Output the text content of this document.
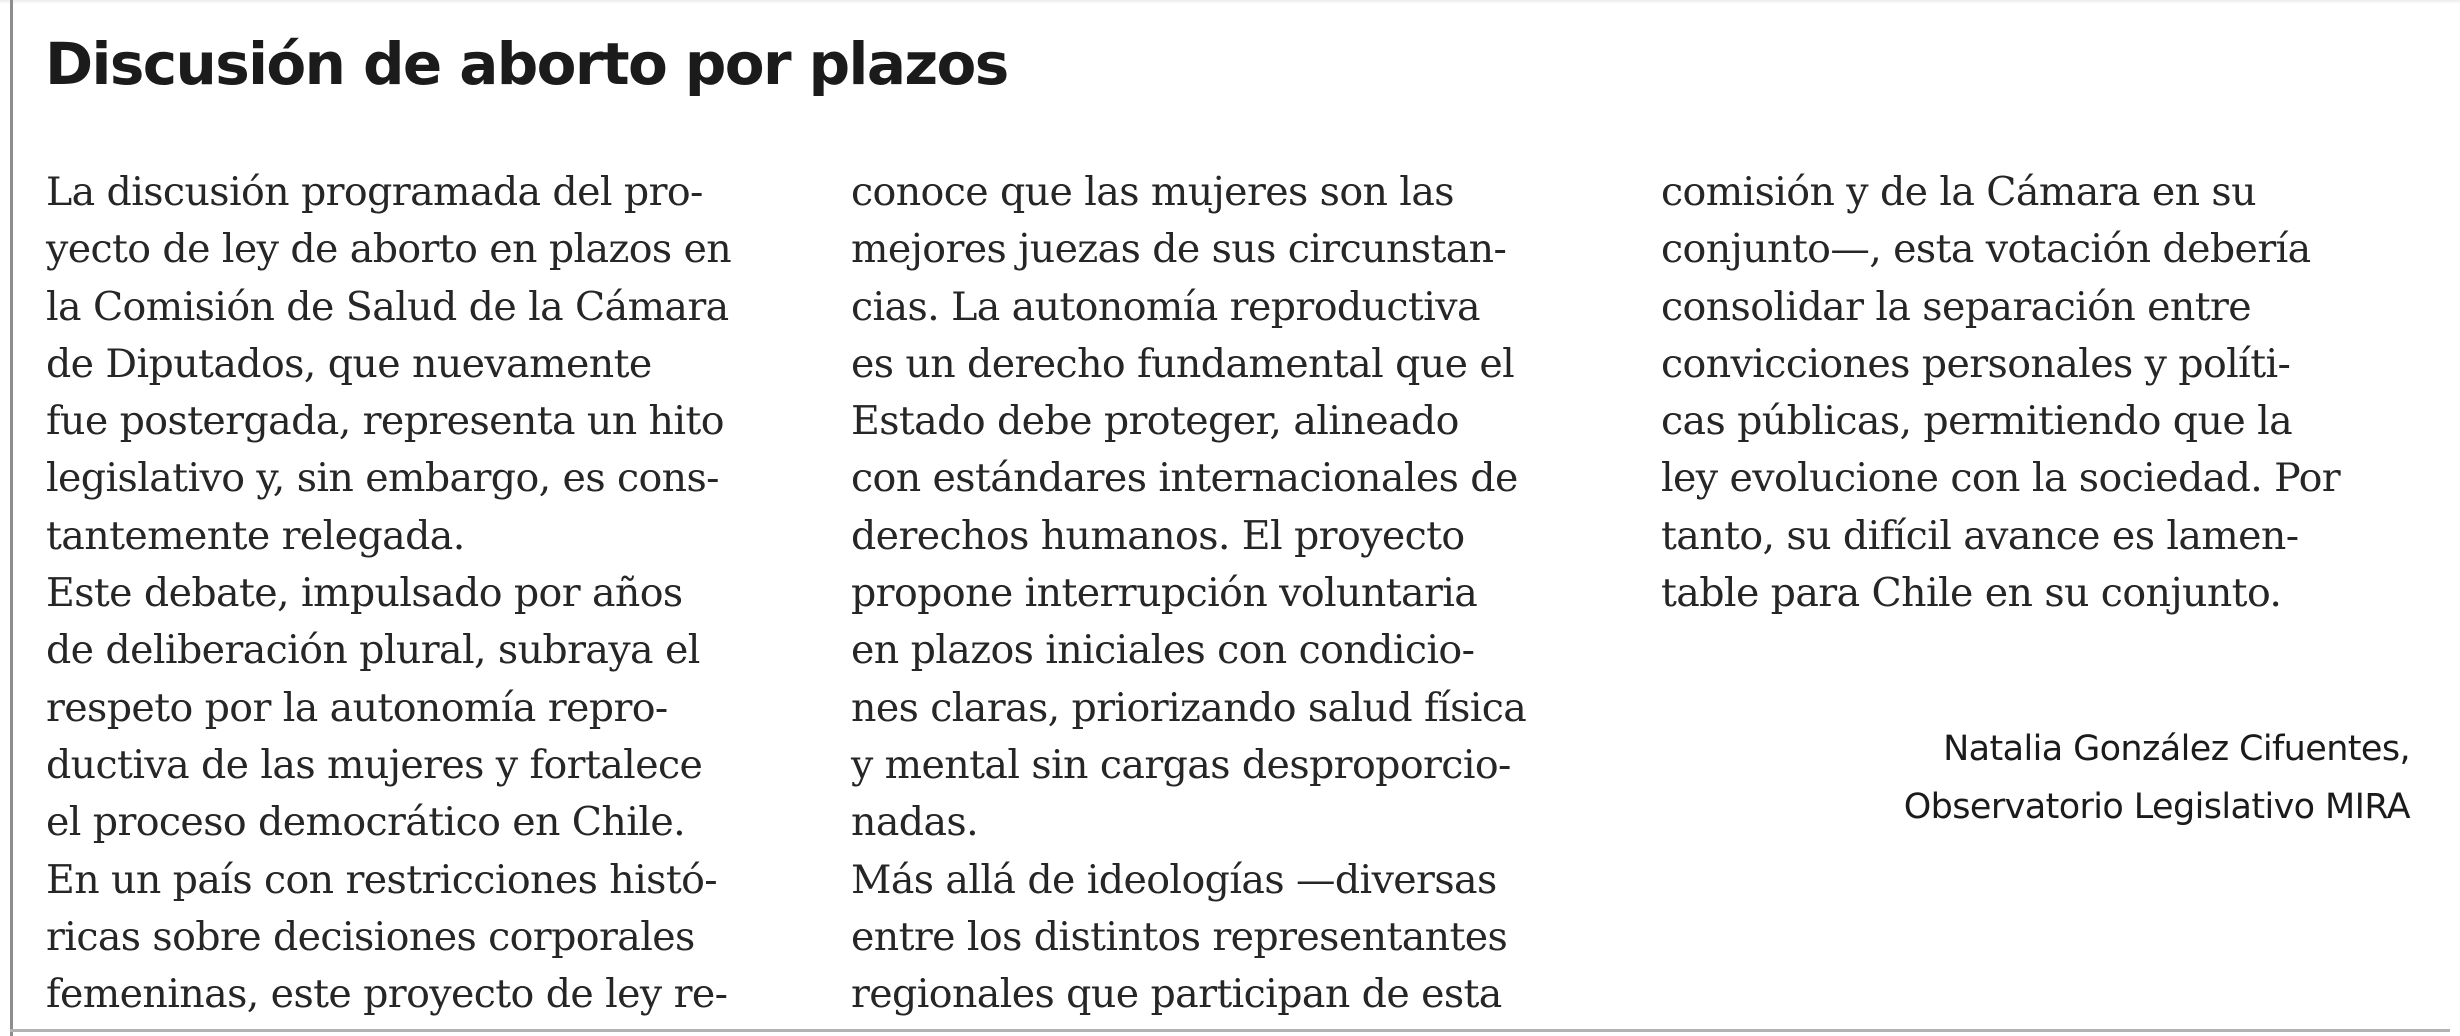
Discusión de aborto por plazos
La discusión programada del pro-
yecto de ley de aborto en plazos en
la Comisión de Salud de la Cámara
de Diputados, que nuevamente
fue postergada, representa un hito
legislativo y, sin embargo, es cons-
tantemente relegada.
Este debate, impulsado por años
de deliberación plural, subraya el
respeto por la autonomía repro-
ductiva de las mujeres y fortalece
el proceso democrático en Chile.
En un país con restricciones histó-
ricas sobre decisiones corporales
femeninas, este proyecto de ley re-
conoce que las mujeres son las
mejores juezas de sus circunstan-
cias. La autonomía reproductiva
es un derecho fundamental que el
Estado debe proteger, alineado
con estándares internacionales de
derechos humanos. El proyecto
propone interrupción voluntaria
en plazos iniciales con condicio-
nes claras, priorizando salud física
y mental sin cargas desproporcio-
nadas.
Más allá de ideologías —diversas
entre los distintos representantes
regionales que participan de esta
comisión y de la Cámara en su
conjunto—, esta votación debería
consolidar la separación entre
convicciones personales y políti-
cas públicas, permitiendo que la
ley evolucione con la sociedad. Por
tanto, su difícil avance es lamen-
table para Chile en su conjunto.
Natalia González Cifuentes,
Observatorio Legislativo MIRA
